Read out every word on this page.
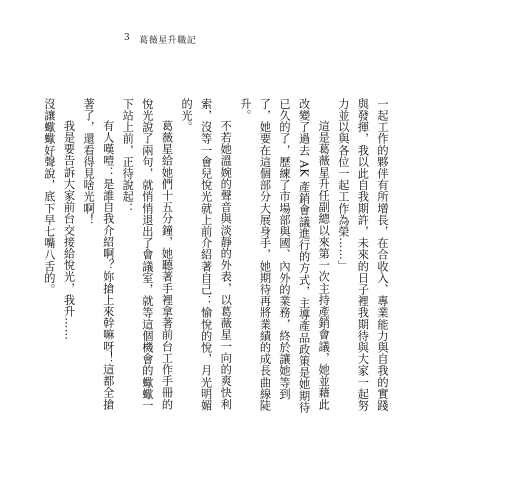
3 葛薇星升職記

一起工作的夥伴有所增長，在合收入、專業能力與自我的實踐與發揮，我以此自我期許，未來的日子裡我期待與大家一起努力並以與各位一起工作為榮……」

這是葛薇星升任副總以來第一次主持產銷會議，她並藉此改變了過去 AK 產銷會議進行的方式，主導產品政策是她期待已久的了，歷練了市場部與國、內外的業務，終於讓她等到了，她要在這個部分大展身手，她期待再將業績的成長曲線陡升。

不若她溫婉的聲音與淡靜的外表，以葛薇星一向的爽快利索，沒等一會兒悅光就上前介紹著自己：愉悅的悅，月光明媚的光。

葛薇星給她們十五分鐘，她聽著手裡拿著前台工作手冊的悅光說了兩句，就悄悄退出了會議室，就等這個機會的蠍蠍一下站上前，正待說起：

有人嘆噎：是誰自我介紹啊？妳搶上來幹嘛呀！這都全搶著了，還看得見啥光啊！

我是要告訴大家前台交接給悅光，我升……

沒讓蠍蠍好聲說，底下早七嘴八舌的。
